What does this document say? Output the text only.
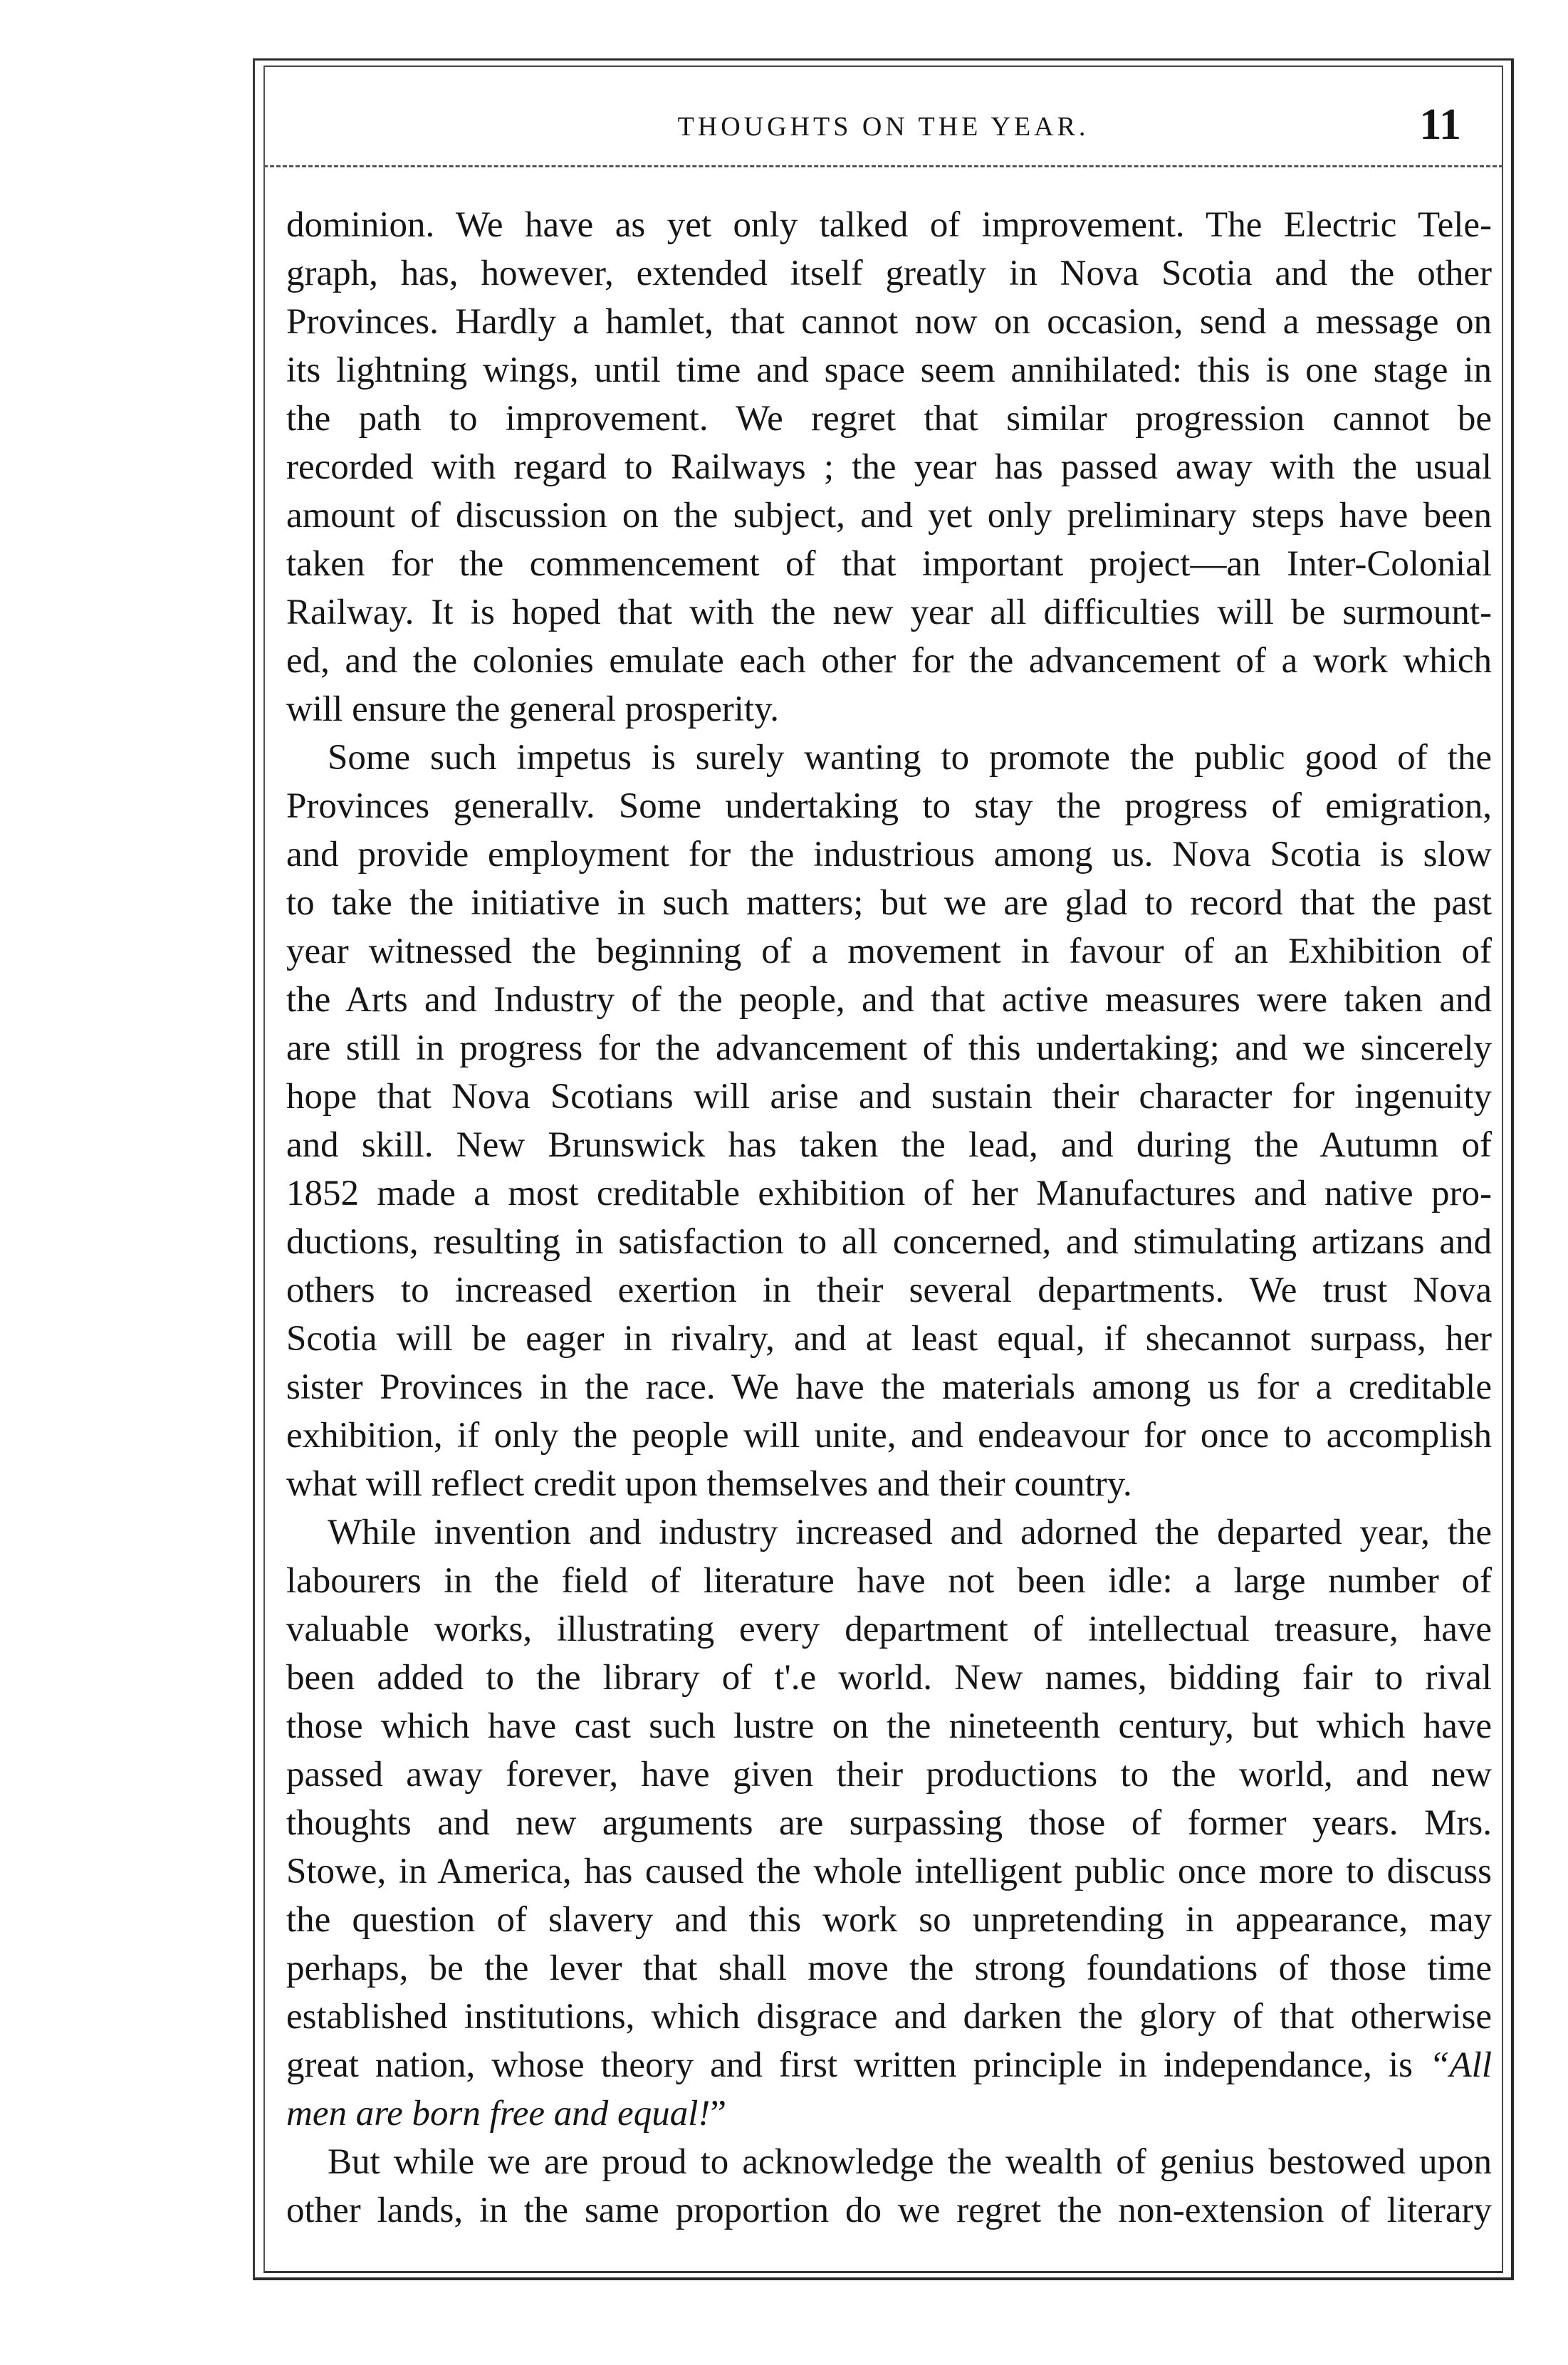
THOUGHTS ON THE YEAR.	11
dominion. We have as yet only talked of improvement. The Electric Tele-
graph, has, however, extended itself greatly in Nova Scotia and the other
Provinces. Hardly a hamlet, that cannot now on occasion, send a message on
its lightning wings, until time and space seem annihilated: this is one stage in
the path to improvement. We regret that similar progression cannot be
recorded with regard to Railways ; the year has passed away with the usual
amount of discussion on the subject, and yet only preliminary steps have been
taken for the commencement of that important project—an Inter-Colonial
Railway. It is hoped that with the new year all difficulties will be surmount-
ed, and the colonies emulate each other for the advancement of a work which
will ensure the general prosperity.
Some such impetus is surely wanting to promote the public good of the
Provinces generallv. Some undertaking to stay the progress of emigration,
and provide employment for the industrious among us. Nova Scotia is slow
to take the initiative in such matters; but we are glad to record that the past
year witnessed the beginning of a movement in favour of an Exhibition of
the Arts and Industry of the people, and that active measures were taken and
are still in progress for the advancement of this undertaking; and we sincerely
hope that Nova Scotians will arise and sustain their character for ingenuity
and skill. New Brunswick has taken the lead, and during the Autumn of
1852 made a most creditable exhibition of her Manufactures and native pro-
ductions, resulting in satisfaction to all concerned, and stimulating artizans and
others to increased exertion in their several departments. We trust Nova
Scotia will be eager in rivalry, and at least equal, if shecannot surpass, her
sister Provinces in the race. We have the materials among us for a creditable
exhibition, if only the people will unite, and endeavour for once to accomplish
what will reflect credit upon themselves and their country.
While invention and industry increased and adorned the departed year, the
labourers in the field of literature have not been idle: a large number of
valuable works, illustrating every department of intellectual treasure, have
been added to the library of t'.e world. New names, bidding fair to rival
those which have cast such lustre on the nineteenth century, but which have
passed away forever, have given their productions to the world, and new
thoughts and new arguments are surpassing those of former years. Mrs.
Stowe, in America, has caused the whole intelligent public once more to discuss
the question of slavery and this work so unpretending in appearance, may
perhaps, be the lever that shall move the strong foundations of those time
established institutions, which disgrace and darken the glory of that otherwise
great nation, whose theory and first written principle in independance, is “All
men are born free and equal!”
But while we are proud to acknowledge the wealth of genius bestowed upon
other lands, in the same proportion do we regret the non-extension of literary
